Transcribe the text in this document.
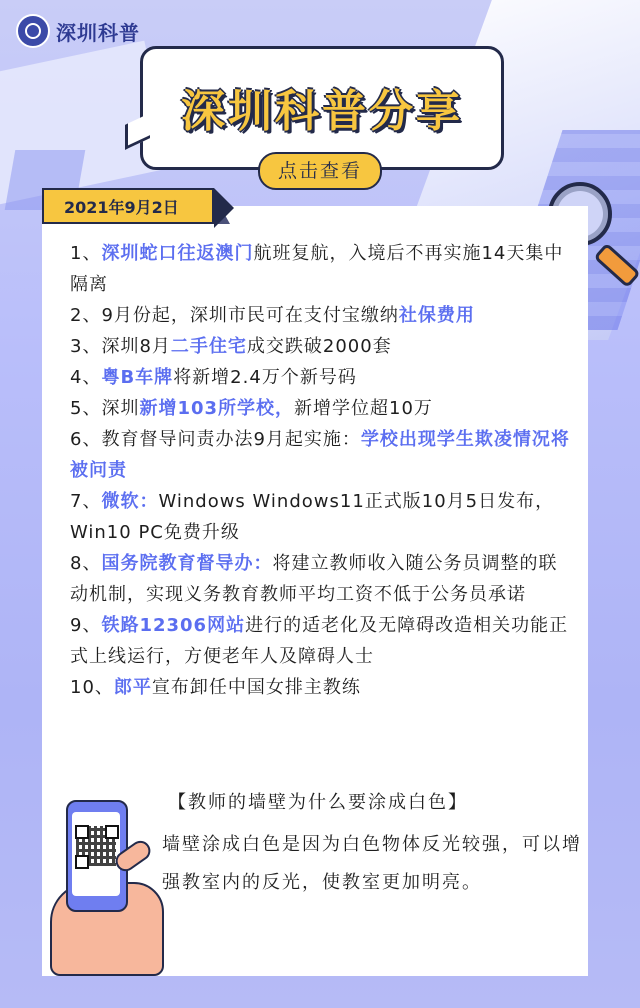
深圳科普
深圳科普分享
点击查看
2021年9月2日
1、深圳蛇口往返澳门航班复航，入境后不再实施14天集中隔离
2、9月份起，深圳市民可在支付宝缴纳社保费用
3、深圳8月二手住宅成交跌破2000套
4、粤B车牌将新增2.4万个新号码
5、深圳新增103所学校，新增学位超10万
6、教育督导问责办法9月起实施：学校出现学生欺凌情况将被问责
7、微软：Windows Windows11正式版10月5日发布，Win10 PC免费升级
8、国务院教育督导办：将建立教师收入随公务员调整的联动机制，实现义务教育教师平均工资不低于公务员承诺
9、铁路12306网站进行的适老化及无障碍改造相关功能正式上线运行，方便老年人及障碍人士
10、郎平宣布卸任中国女排主教练
【教师的墙壁为什么要涂成白色】
墙壁涂成白色是因为白色物体反光较强，可以增强教室内的反光，使教室更加明亮。
